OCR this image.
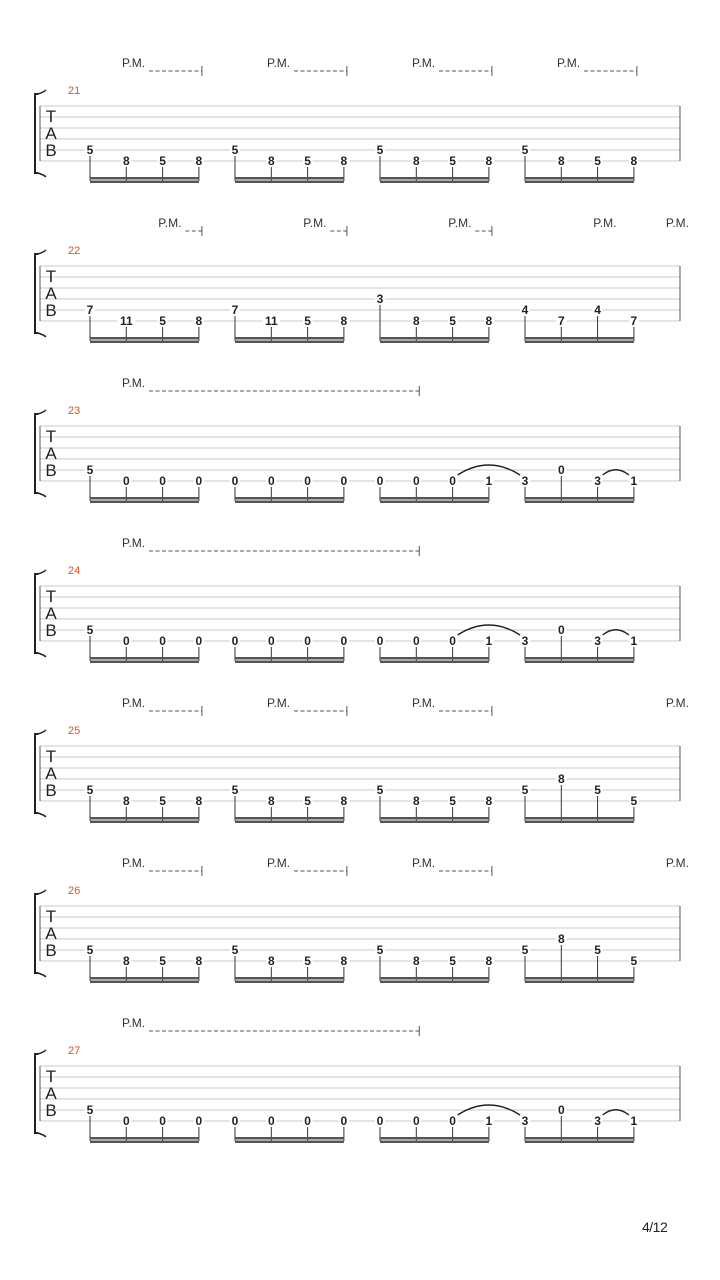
T
A
B
21
P.M.	P.M.	P.M.	P.M.
5
8 5 8
5
8 5 8
5
8 5 8
5
8 5 8
T
A
B
22
P.M.	P.M.	P.M.	P.M.	P.M.
7
11 5 8
7
11 5 8
3
8 5 8
4
7
4
7
T
A
B
23
P.M.
5
0 0 0 0 0 0 0 0 0 0 1 3
0
3 1
T
A
B
24
P.M.
5
0 0 0 0 0 0 0 0 0 0 1 3
0
3 1
T
A
B
25
P.M.	P.M.	P.M.	P.M.
5
8 5 8
5
8 5 8
5
8 5 8
5
8
5
5
T
A
B
26
P.M.	P.M.	P.M.	P.M.
5
8 5 8
5
8 5 8
5
8 5 8
5
8
5
5
T
A
B
27
P.M.
5
0 0 0 0 0 0 0 0 0 0 1 3
0
3 1
4/12
